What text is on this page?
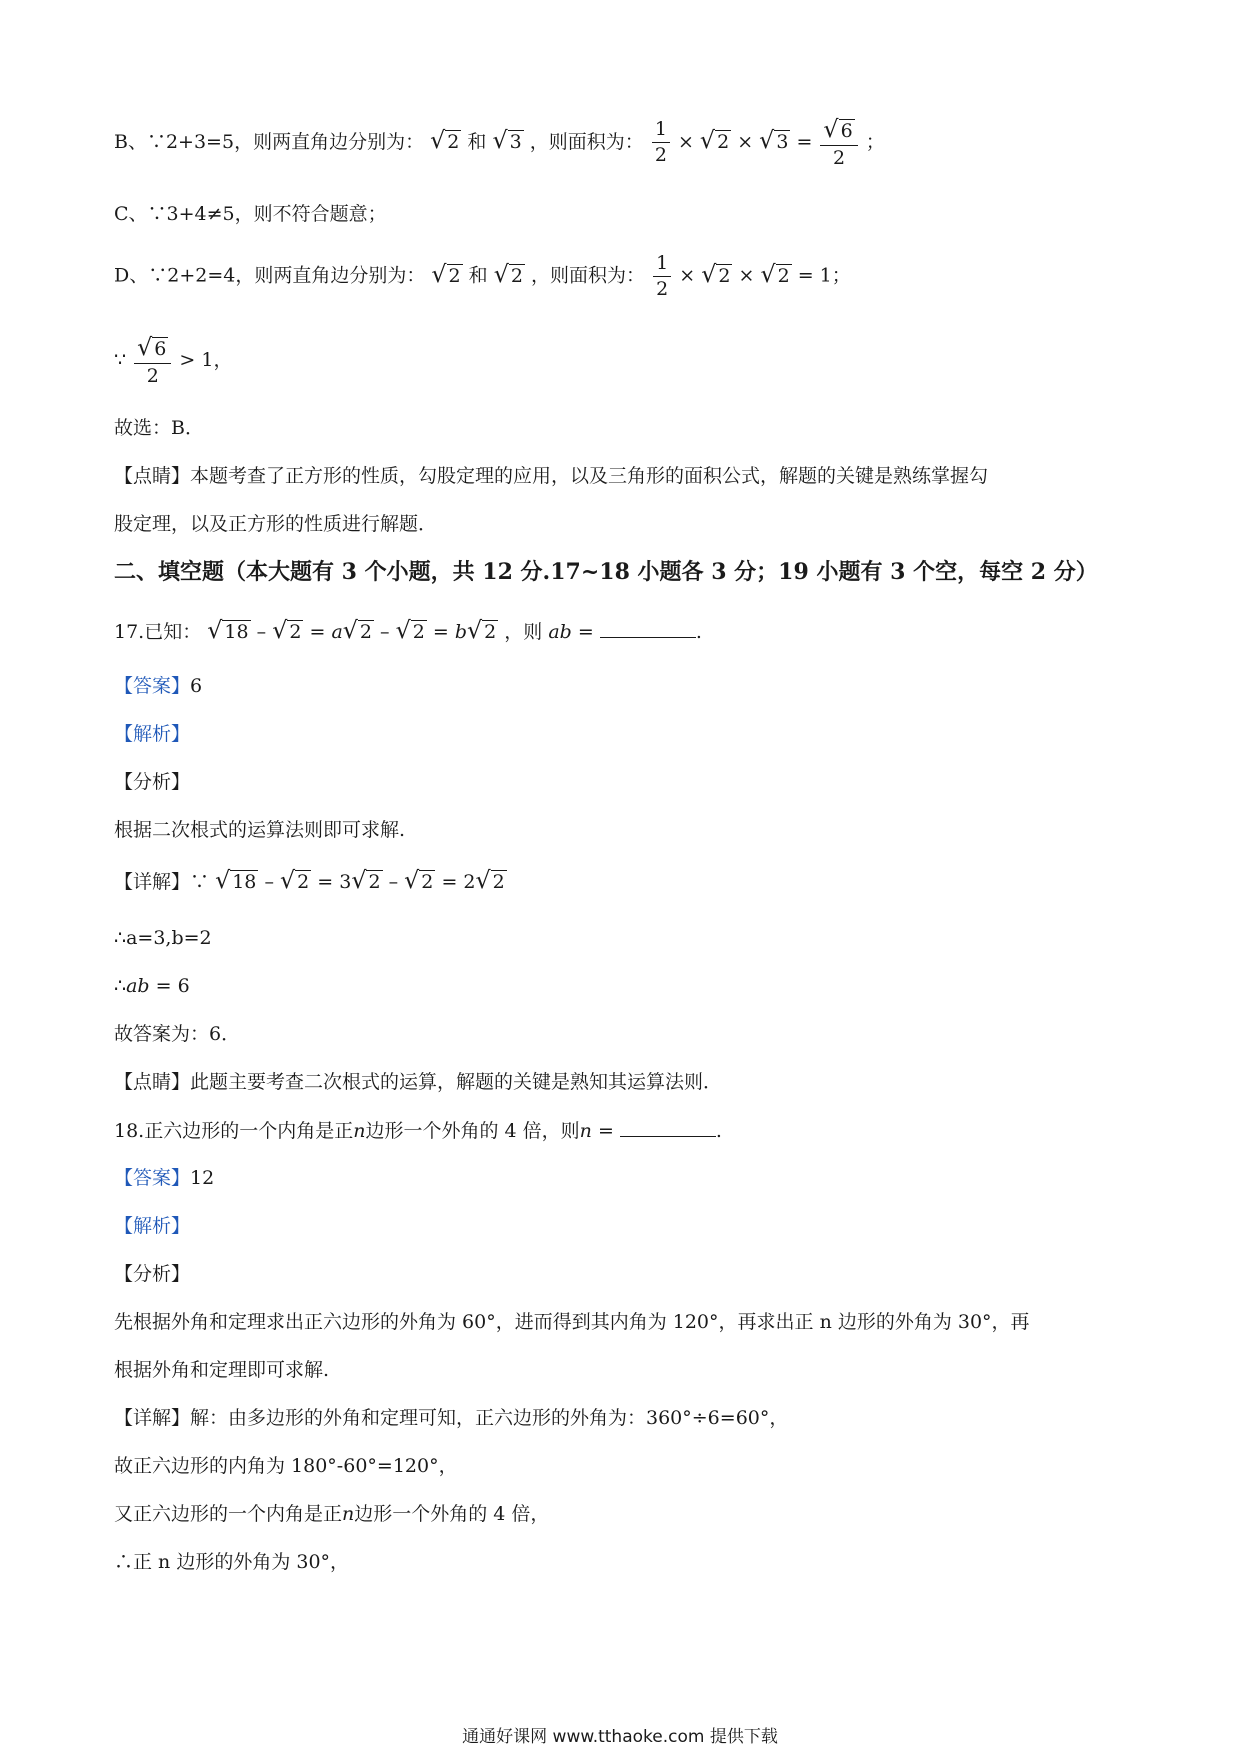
B、∵2+3=5，则两直角边分别为： √ 2 和 √ 3 ，则面积为： $\frac{1}{2}$ × √ 2 × √ $3 = \frac{√ 6}{2}$ ；
C、∵3+4≠5，则不符合题意；
D、∵2+2=4，则两直角边分别为： √ 2 和 √ 2 ，则面积为： $\frac{1}{2}$ × √ 2 × √ 2 = 1；
∵ $\frac{√ 6}{2} > 1$，
故选：B．
【点睛】本题考查了正方形的性质，勾股定理的应用，以及三角形的面积公式，解题的关键是熟练掌握勾
股定理，以及正方形的性质进行解题．
二、填空题（本大题有 3 个小题，共 12 分.17~18 小题各 3 分；19 小题有 3 个空，每空 2 分）
17.已知： √ 18 – √ 2 = a√ 2 – √ 2 = b√ 2 ，则 ab =	.
【答案】6
【解析】
【分析】
根据二次根式的运算法则即可求解.
【详解】∵ √ 18 – √ 2 = 3√ 2 – √ 2 = 2√ 2
∴a=3,b=2
∴ab = 6
故答案为：6．
【点睛】此题主要考查二次根式的运算，解题的关键是熟知其运算法则．
18.正六边形的一个内角是正n边形一个外角的 4 倍，则n =	.
【答案】12
【解析】
【分析】
先根据外角和定理求出正六边形的外角为 60°，进而得到其内角为 120°，再求出正 n 边形的外角为 30°，再
根据外角和定理即可求解.
【详解】解：由多边形的外角和定理可知，正六边形的外角为：360°÷6=60°，
故正六边形的内角为 180°-60°=120°，
又正六边形的一个内角是正n边形一个外角的 4 倍，
∴正 n 边形的外角为 30°，
通通好课网 www.tthaoke.com 提供下载
